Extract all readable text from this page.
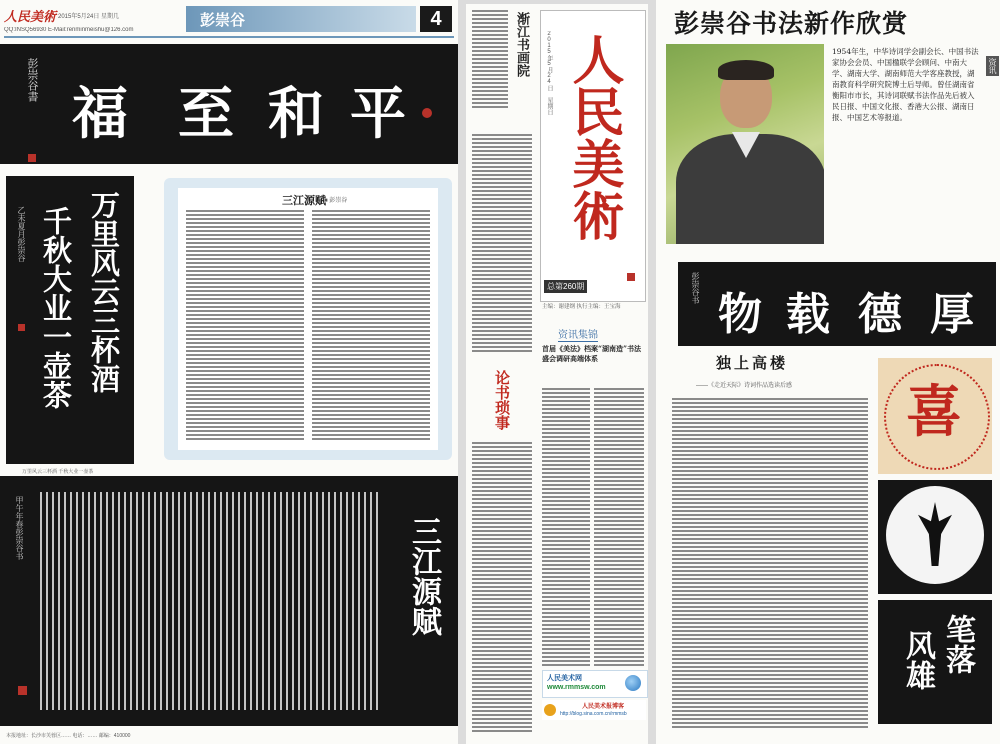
人民美術 2015年5月24日 星期几
QQ:INSQ56930 E-Mail:renminmeishu@126.com
彭崇谷	4
彭崇谷書
福 至 和 平
万里风云三杯酒
千秋大业一壶茶
乙未夏月彭崇谷
万里风云三杯酒 千秋大业一壶茶
三江源赋
■ 彭崇谷
三江源赋
甲午年春彭崇谷书
本报地址：长沙市芙蓉区…… 电话：…… 邮编：410000
渐江书画院
论书琐事
2015年5月24日 星期日 人民美術
总第260期
主编：谢建纲 执行主编：王宝海
资讯集锦
首届《美法》档案“湖南造”书法盛会调研高端体系
人民美术网
www.rmmsw.com
人民美术报博客
http://blog.sina.com.cn/rmmsb
彭崇谷书法新作欣赏
1954年生，中华诗词学会副会长、中国书法家协会会员、中国楹联学会顾问、中南大学、湖南大学、湖南师范大学客座教授，湖南教育科学研究院博士后导师。曾任湖南省衡阳市市长，其诗词联赋书法作品先后被入民日报、中国文化报、香港大公报、湖南日报、中国艺术等报道。
资讯
彭崇谷书
物 载 德 厚
独上高楼
——《走近天际》诗词作品选读后感 喜
笔落
风雄
